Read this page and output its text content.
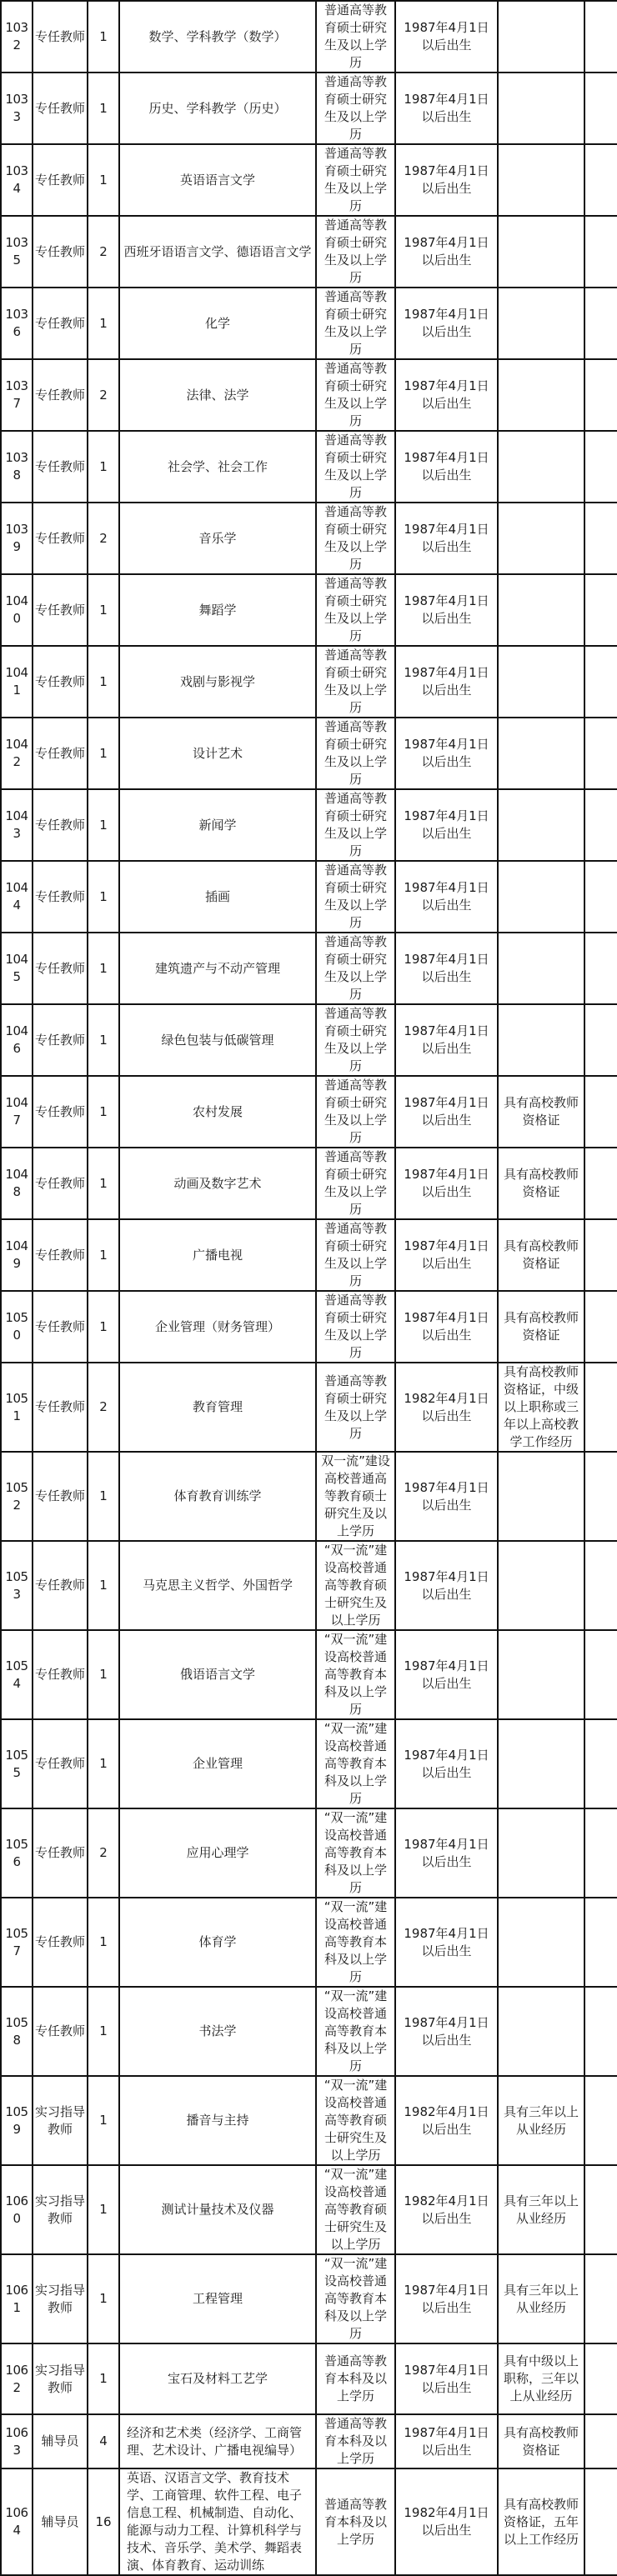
1032	专任教师	1	数学、学科教学（数学）	普通高等教育硕士研究生及以上学历	1987年4月1日以后出生		
1033	专任教师	1	历史、学科教学（历史）	普通高等教育硕士研究生及以上学历	1987年4月1日以后出生		
1034	专任教师	1	英语语言文学	普通高等教育硕士研究生及以上学历	1987年4月1日以后出生		
1035	专任教师	2	西班牙语语言文学、德语语言文学	普通高等教育硕士研究生及以上学历	1987年4月1日以后出生		
1036	专任教师	1	化学	普通高等教育硕士研究生及以上学历	1987年4月1日以后出生		
1037	专任教师	2	法律、法学	普通高等教育硕士研究生及以上学历	1987年4月1日以后出生		
1038	专任教师	1	社会学、社会工作	普通高等教育硕士研究生及以上学历	1987年4月1日以后出生		
1039	专任教师	2	音乐学	普通高等教育硕士研究生及以上学历	1987年4月1日以后出生		
1040	专任教师	1	舞蹈学	普通高等教育硕士研究生及以上学历	1987年4月1日以后出生		
1041	专任教师	1	戏剧与影视学	普通高等教育硕士研究生及以上学历	1987年4月1日以后出生		
1042	专任教师	1	设计艺术	普通高等教育硕士研究生及以上学历	1987年4月1日以后出生		
1043	专任教师	1	新闻学	普通高等教育硕士研究生及以上学历	1987年4月1日以后出生		
1044	专任教师	1	插画	普通高等教育硕士研究生及以上学历	1987年4月1日以后出生		
1045	专任教师	1	建筑遗产与不动产管理	普通高等教育硕士研究生及以上学历	1987年4月1日以后出生		
1046	专任教师	1	绿色包装与低碳管理	普通高等教育硕士研究生及以上学历	1987年4月1日以后出生		
1047	专任教师	1	农村发展	普通高等教育硕士研究生及以上学历	1987年4月1日以后出生	具有高校教师资格证	
1048	专任教师	1	动画及数字艺术	普通高等教育硕士研究生及以上学历	1987年4月1日以后出生	具有高校教师资格证	
1049	专任教师	1	广播电视	普通高等教育硕士研究生及以上学历	1987年4月1日以后出生	具有高校教师资格证	
1050	专任教师	1	企业管理（财务管理）	普通高等教育硕士研究生及以上学历	1987年4月1日以后出生	具有高校教师资格证	
1051	专任教师	2	教育管理	普通高等教育硕士研究生及以上学历	1982年4月1日以后出生	具有高校教师资格证，中级以上职称或三年以上高校教学工作经历	
1052	专任教师	1	体育教育训练学	双一流”建设高校普通高等教育硕士研究生及以上学历	1987年4月1日以后出生		
1053	专任教师	1	马克思主义哲学、外国哲学	“双一流”建设高校普通高等教育硕士研究生及以上学历	1987年4月1日以后出生		
1054	专任教师	1	俄语语言文学	“双一流”建设高校普通高等教育本科及以上学历	1987年4月1日以后出生		
1055	专任教师	1	企业管理	“双一流”建设高校普通高等教育本科及以上学历	1987年4月1日以后出生		
1056	专任教师	2	应用心理学	“双一流”建设高校普通高等教育本科及以上学历	1987年4月1日以后出生		
1057	专任教师	1	体育学	“双一流”建设高校普通高等教育本科及以上学历	1987年4月1日以后出生		
1058	专任教师	1	书法学	“双一流”建设高校普通高等教育本科及以上学历	1987年4月1日以后出生		
1059	实习指导教师	1	播音与主持	“双一流”建设高校普通高等教育硕士研究生及以上学历	1982年4月1日以后出生	具有三年以上从业经历	
1060	实习指导教师	1	测试计量技术及仪器	“双一流”建设高校普通高等教育硕士研究生及以上学历	1982年4月1日以后出生	具有三年以上从业经历	
1061	实习指导教师	1	工程管理	“双一流”建设高校普通高等教育本科及以上学历	1987年4月1日以后出生	具有三年以上从业经历	
1062	实习指导教师	1	宝石及材料工艺学	普通高等教育本科及以上学历	1987年4月1日以后出生	具有中级以上职称，三年以上从业经历	
1063	辅导员	4	经济和艺术类（经济学、工商管理、艺术设计、广播电视编导）	普通高等教育本科及以上学历	1987年4月1日以后出生	具有高校教师资格证	
1064	辅导员	16	英语、汉语言文学、教育技术学、工商管理、软件工程、电子信息工程、机械制造、自动化、能源与动力工程、计算机科学与技术、音乐学、美术学、舞蹈表演、体育教育、运动训练	普通高等教育本科及以上学历	1982年4月1日以后出生	具有高校教师资格证，五年以上工作经历	
